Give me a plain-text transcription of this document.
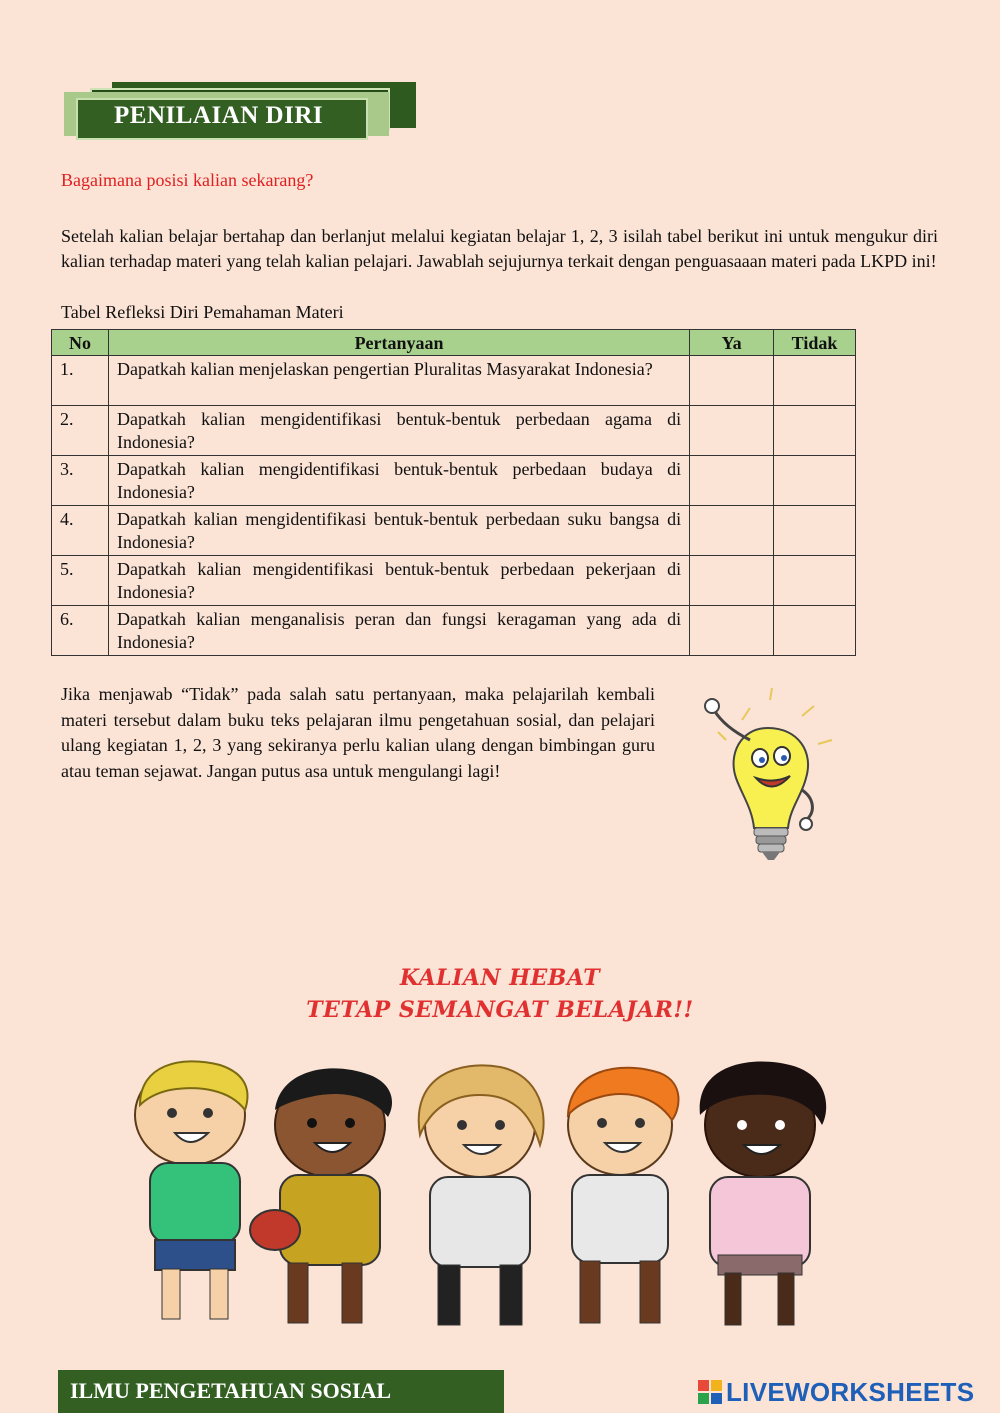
PENILAIAN DIRI
Bagaimana posisi kalian sekarang?

Setelah kalian belajar bertahap dan berlanjut melalui kegiatan belajar 1, 2, 3 isilah tabel berikut ini untuk mengukur diri kalian terhadap materi yang telah kalian pelajari. Jawablah sejujurnya terkait dengan penguasaaan materi pada LKPD ini!

Tabel Refleksi Diri Pemahaman Materi
No	Pertanyaan	Ya	Tidak
1.	Dapatkah kalian menjelaskan pengertian Pluralitas Masyarakat Indonesia?		
2.	Dapatkah kalian mengidentifikasi bentuk-bentuk perbedaan agama di Indonesia?		
3.	Dapatkah kalian mengidentifikasi bentuk-bentuk perbedaan budaya di Indonesia?		
4.	Dapatkah kalian mengidentifikasi bentuk-bentuk perbedaan suku bangsa di Indonesia?		
5.	Dapatkah kalian mengidentifikasi bentuk-bentuk perbedaan pekerjaan di Indonesia?		
6.	Dapatkah kalian menganalisis peran dan fungsi keragaman yang ada di Indonesia?		

Jika menjawab “Tidak” pada salah satu pertanyaan, maka pelajarilah kembali materi tersebut dalam buku teks pelajaran ilmu pengetahuan sosial, dan pelajari ulang kegiatan 1, 2, 3 yang sekiranya perlu kalian ulang dengan bimbingan guru atau teman sejawat. Jangan putus asa untuk mengulangi lagi!

KALIAN HEBAT
TETAP SEMANGAT BELAJAR!!
ILMU PENGETAHUAN SOSIAL	LIVEWORKSHEETS
